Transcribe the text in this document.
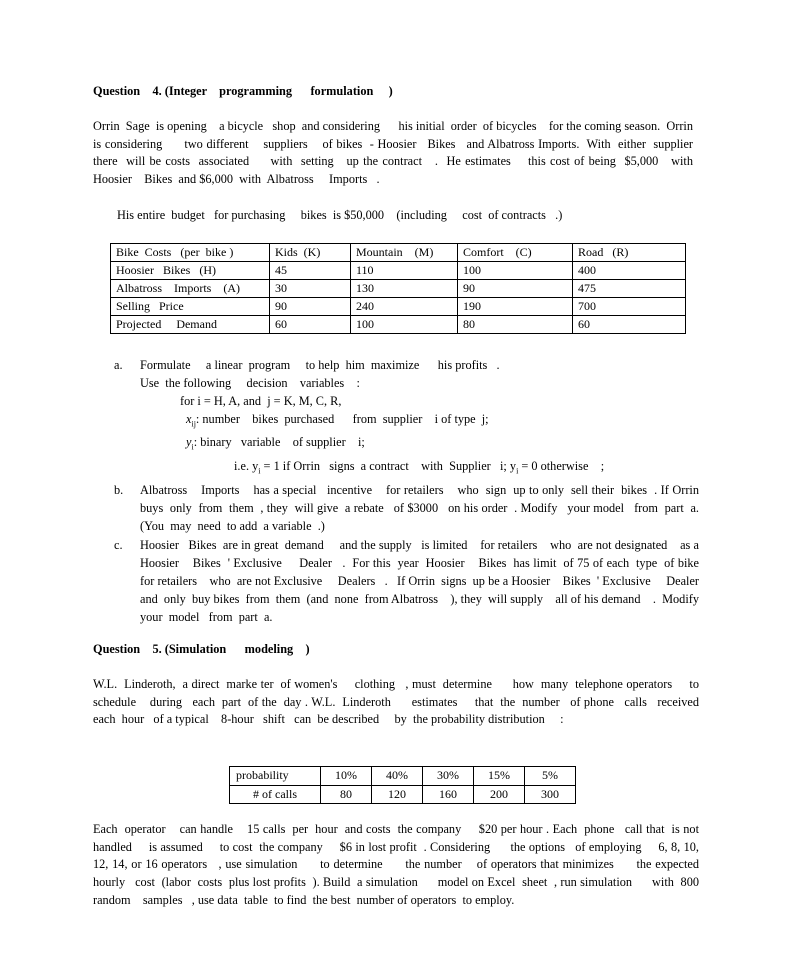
Question    4. (Integer    programming      formulation     )
Orrin  Sage  is opening    a bicycle   shop  and considering      his initial  order  of bicycles    for the coming season.  Orrin  is considering      two different    suppliers    of bikes  - Hoosier   Bikes   and Albatross Imports.  With  either  supplier   there  will be costs  associated     with  setting   up the contract   .  He estimates    this cost of being  $5,000   with  Hoosier    Bikes  and $6,000  with  Albatross     Imports   .
His entire  budget   for purchasing     bikes  is $50,000    (including     cost  of contracts   .)
Bike  Costs   (per  bike )	Kids  (K)	Mountain    (M)	Comfort    (C)	Road   (R)
Hoosier   Bikes   (H)	45	110	100	400
Albatross    Imports    (A)	30	130	90	475
Selling   Price	90	240	190	700
Projected     Demand	60	100	80	60
a. Formulate     a linear  program     to help  him  maximize      his profits   .
Use  the following     decision    variables    :
for i = H, A, and  j = K, M, C, R,
$x_{ij}$: number    bikes  purchased      from  supplier    i of type  j;
$y_i$: binary   variable    of supplier    i;
i.e. $y_i = 1$ if Orrin   signs  a contract    with  Supplier   i; $y_i = 0$ otherwise    ;
b. Albatross    Imports    has a special   incentive    for retailers    who  sign  up to only  sell their  bikes  . If Orrin  buys  only  from  them  , they  will give  a rebate   of $3000   on his order  . Modify   your model   from  part  a.  (You  may  need  to add  a variable  .)
c. Hoosier   Bikes  are in great  demand     and the supply   is limited    for retailers    who  are not designated    as a Hoosier    Bikes  ' Exclusive     Dealer   .  For this  year  Hoosier    Bikes  has limit  of 75 of each  type  of bike  for retailers    who  are not Exclusive     Dealers   .   If Orrin  signs  up be a Hoosier    Bikes  ' Exclusive     Dealer   and  only  buy bikes  from  them  (and  none  from Albatross    ), they  will supply    all of his demand    .  Modify    your  model   from  part  a.
Question    5. (Simulation      modeling    )
W.L.  Linderoth,  a direct  marke ter  of women's     clothing   , must  determine      how  many  telephone operators     to schedule    during   each  part  of the  day . W.L.  Linderoth      estimates     that  the  number   of phone   calls   received     each  hour   of a typical    8-hour   shift   can  be described     by  the probability distribution     :
probability	10%	40%	30%	15%	5%
# of calls	80	120	160	200	300
Each  operator    can handle    15 calls  per  hour  and costs  the company     $20 per hour . Each  phone   call that  is not handled     is assumed     to cost  the company     $6 in lost profit  . Considering      the options   of employing     6, 8, 10, 12, 14, or 16 operators   , use simulation      to determine      the number    of operators that minimizes      the expected     hourly   cost  (labor  costs  plus lost profits  ). Build  a simulation      model on Excel  sheet  , run simulation      with  800 random    samples   , use data  table  to find  the best  number of operators  to employ.
